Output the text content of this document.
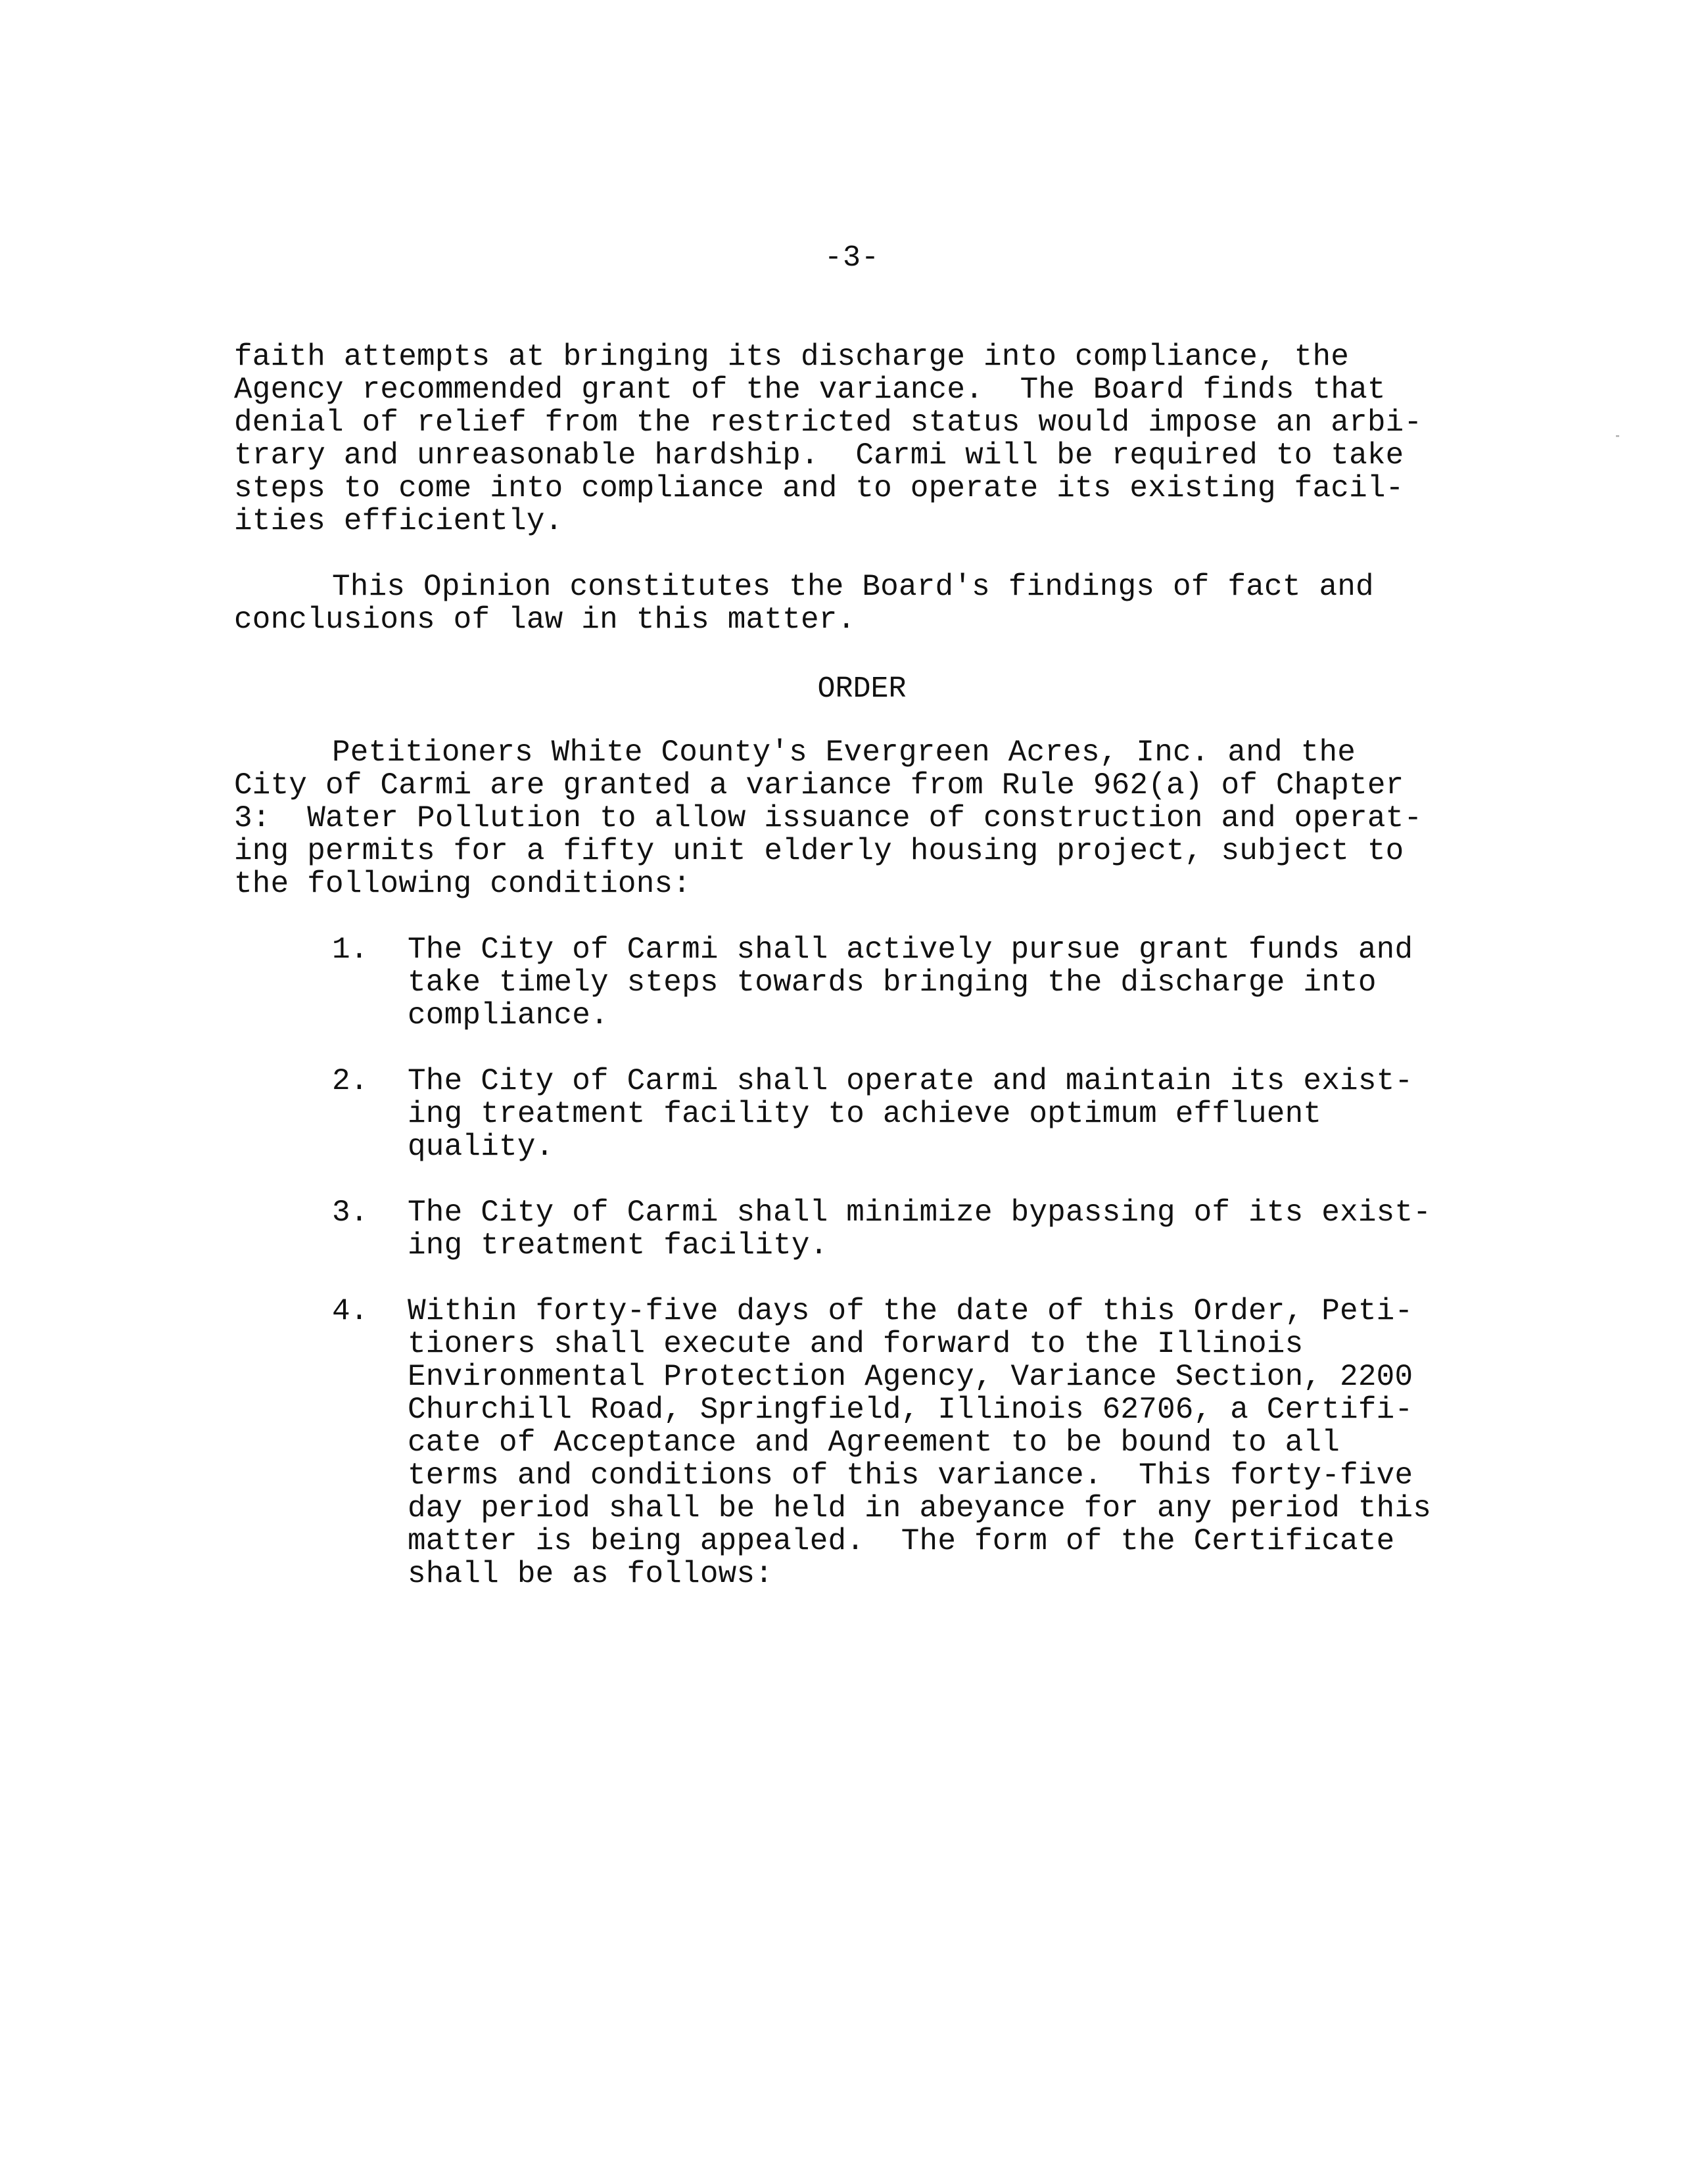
-3-
faith attempts at bringing its discharge into compliance, the
Agency recommended grant of the variance.  The Board finds that
denial of relief from the restricted status would impose an arbi-
trary and unreasonable hardship.  Carmi will be required to take
steps to come into compliance and to operate its existing facil-
ities efficiently.
This Opinion constitutes the Board's findings of fact and
conclusions of law in this matter.
ORDER
Petitioners White County's Evergreen Acres, Inc. and the
City of Carmi are granted a variance from Rule 962(a) of Chapter
3:  Water Pollution to allow issuance of construction and operat-
ing permits for a fifty unit elderly housing project, subject to
the following conditions:
1. The City of Carmi shall actively pursue grant funds and
take timely steps towards bringing the discharge into
compliance.
2. The City of Carmi shall operate and maintain its exist-
ing treatment facility to achieve optimum effluent
quality.
3. The City of Carmi shall minimize bypassing of its exist-
ing treatment facility.
4. Within forty-five days of the date of this Order, Peti-
tioners shall execute and forward to the Illinois
Environmental Protection Agency, Variance Section, 2200
Churchill Road, Springfield, Illinois 62706, a Certifi-
cate of Acceptance and Agreement to be bound to all
terms and conditions of this variance.  This forty-five
day period shall be held in abeyance for any period this
matter is being appealed.  The form of the Certificate
shall be as follows:
